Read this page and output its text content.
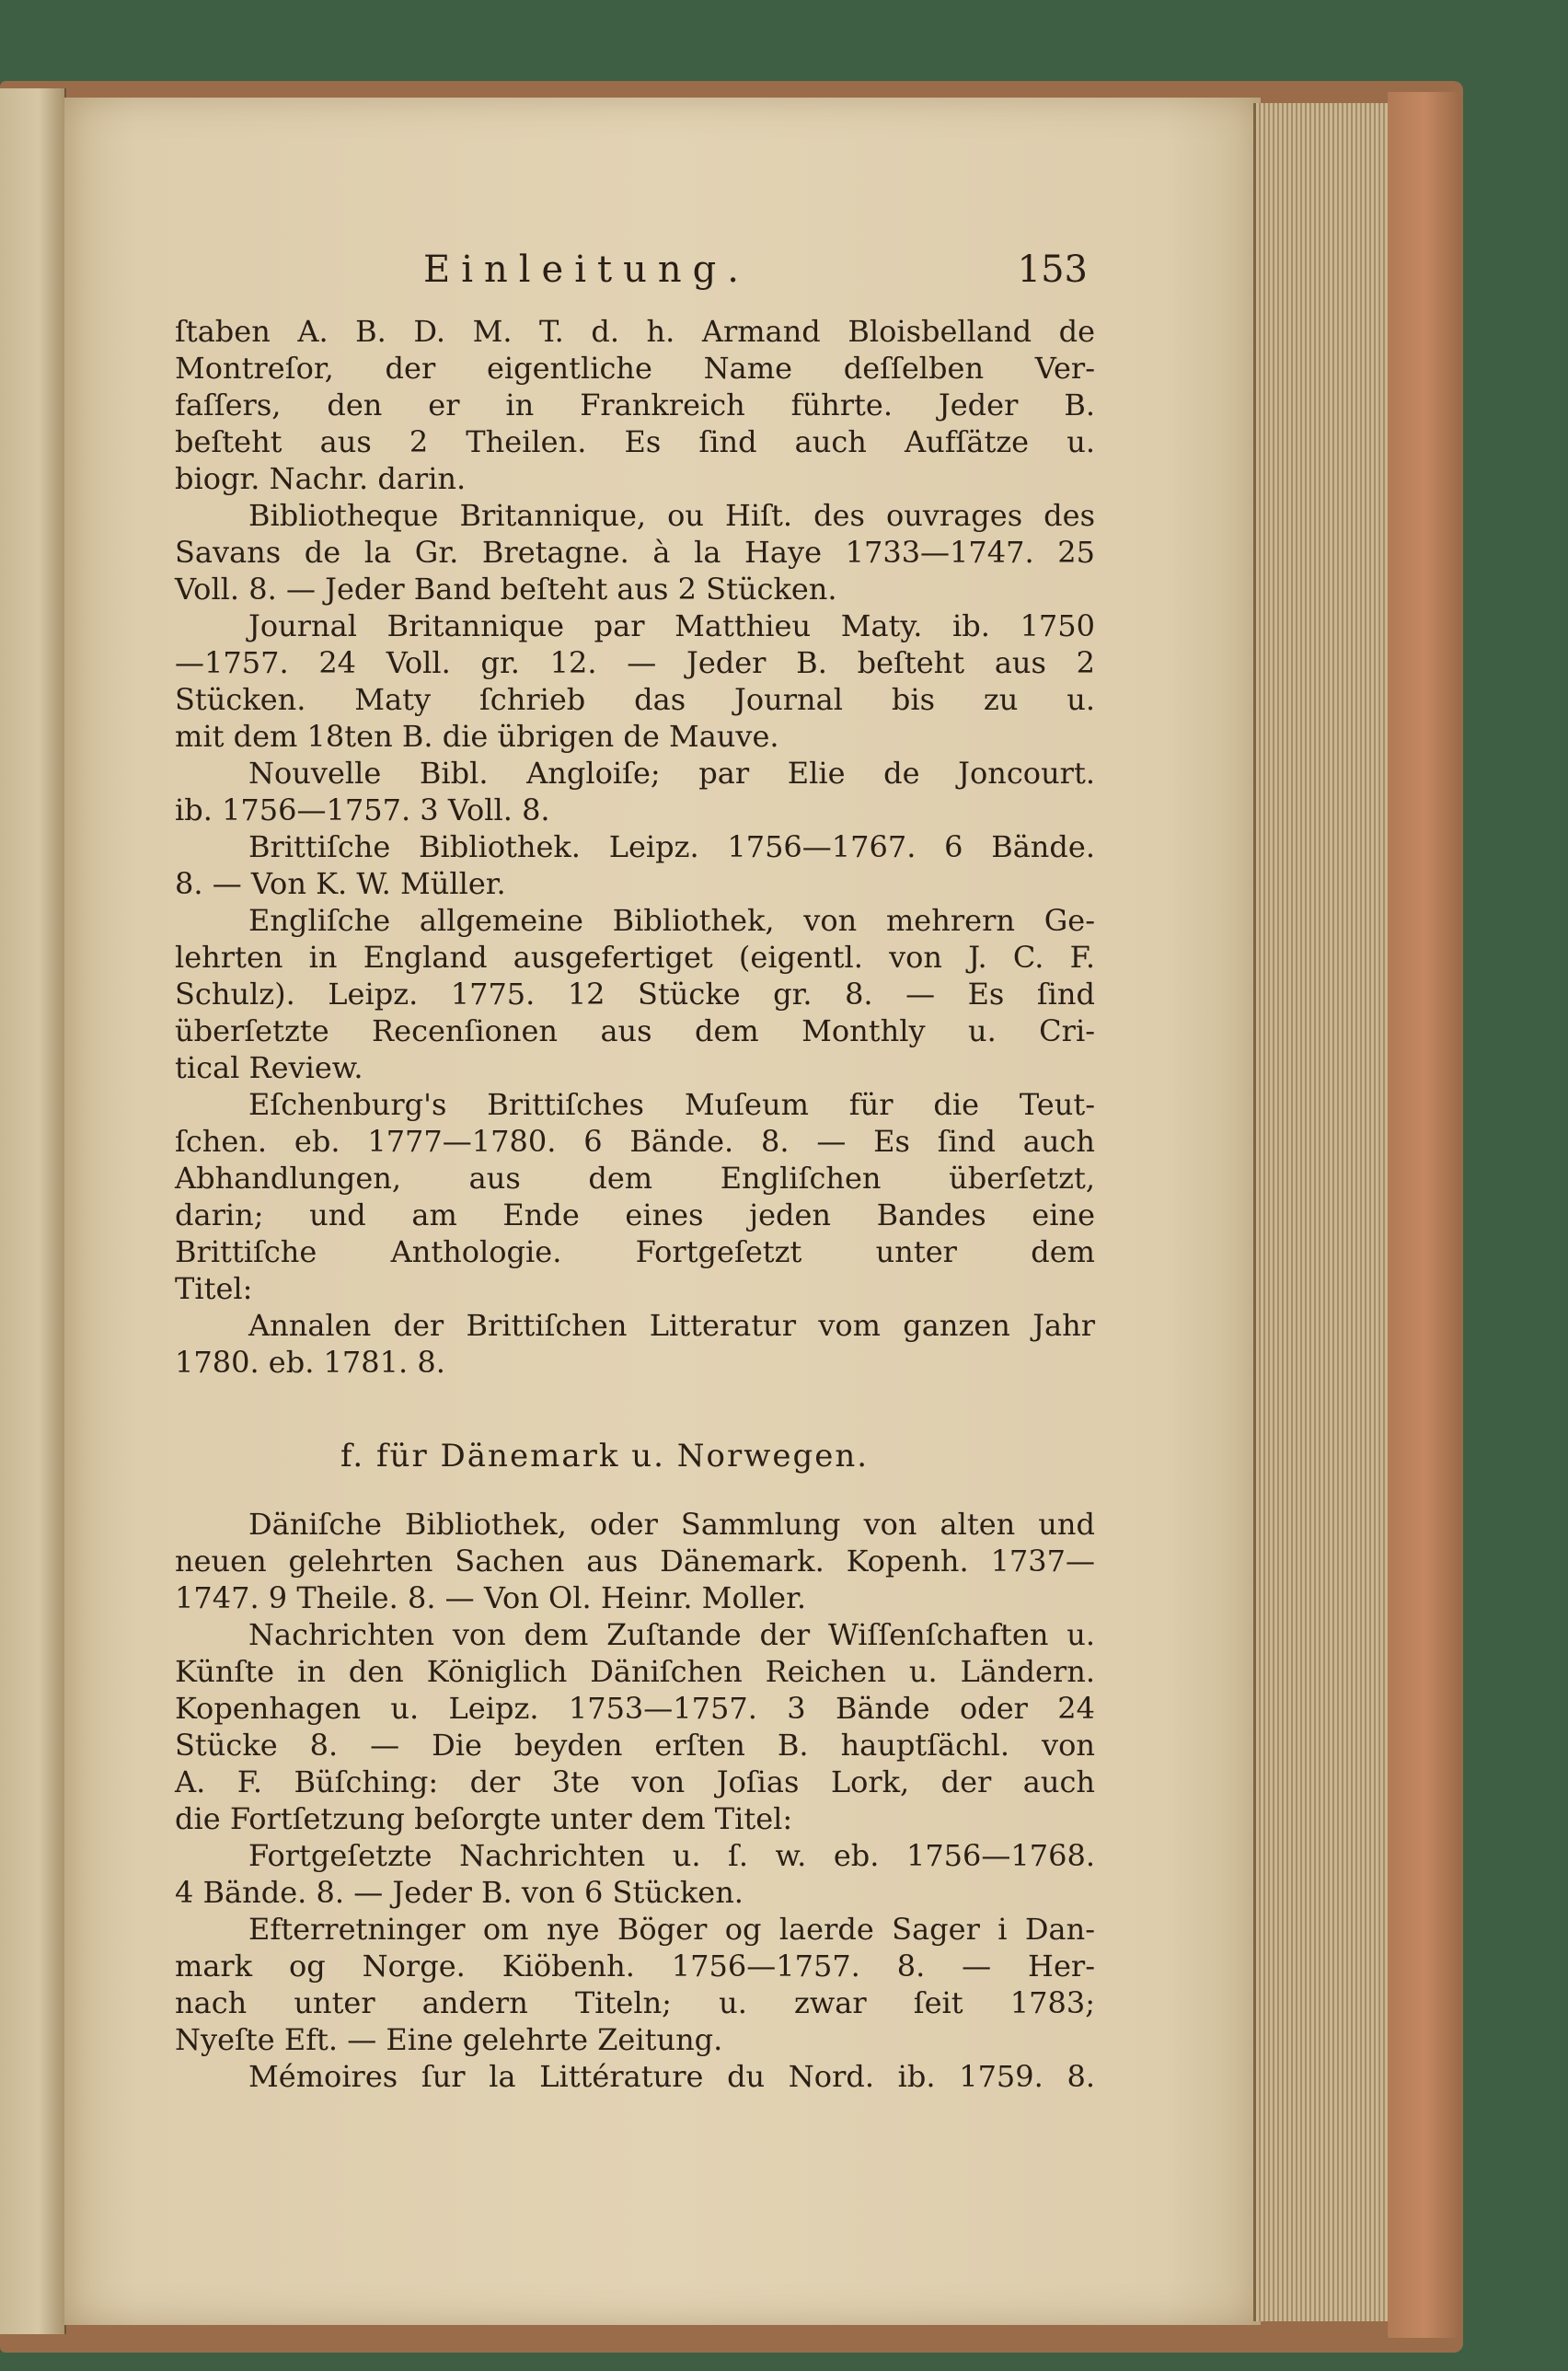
Einleitung.	153
ſtaben A. B. D. M. T. d. h. Armand Bloisbelland de
Montreſor, der eigentliche Name deſſelben Ver-
faſſers, den er in Frankreich führte. Jeder B.
beſteht aus 2 Theilen. Es ſind auch Aufſätze u.
biogr. Nachr. darin.
Bibliotheque Britannique, ou Hiſt. des ouvrages des
Savans de la Gr. Bretagne. à la Haye 1733—1747. 25
Voll. 8. — Jeder Band beſteht aus 2 Stücken.
Journal Britannique par Matthieu Maty. ib. 1750
—1757. 24 Voll. gr. 12. — Jeder B. beſteht aus 2
Stücken. Maty ſchrieb das Journal bis zu u.
mit dem 18ten B. die übrigen de Mauve.
Nouvelle Bibl. Angloiſe; par Elie de Joncourt.
ib. 1756—1757. 3 Voll. 8.
Brittiſche Bibliothek. Leipz. 1756—1767. 6 Bände.
8. — Von K. W. Müller.
Engliſche allgemeine Bibliothek, von mehrern Ge-
lehrten in England ausgefertiget (eigentl. von J. C. F.
Schulz). Leipz. 1775. 12 Stücke gr. 8. — Es ſind
überſetzte Recenſionen aus dem Monthly u. Cri-
tical Review.
Eſchenburg's Brittiſches Muſeum für die Teut-
ſchen. eb. 1777—1780. 6 Bände. 8. — Es ſind auch
Abhandlungen, aus dem Engliſchen überſetzt,
darin; und am Ende eines jeden Bandes eine
Brittiſche Anthologie. Fortgeſetzt unter dem
Titel:
Annalen der Brittiſchen Litteratur vom ganzen Jahr
1780. eb. 1781. 8.
f. für Dänemark u. Norwegen.
Däniſche Bibliothek, oder Sammlung von alten und
neuen gelehrten Sachen aus Dänemark. Kopenh. 1737—
1747. 9 Theile. 8. — Von Ol. Heinr. Moller.
Nachrichten von dem Zuſtande der Wiſſenſchaften u.
Künſte in den Königlich Däniſchen Reichen u. Ländern.
Kopenhagen u. Leipz. 1753—1757. 3 Bände oder 24
Stücke 8. — Die beyden erſten B. hauptſächl. von
A. F. Büſching: der 3te von Joſias Lork, der auch
die Fortſetzung beſorgte unter dem Titel:
Fortgeſetzte Nachrichten u. ſ. w. eb. 1756—1768.
4 Bände. 8. — Jeder B. von 6 Stücken.
Efterretninger om nye Böger og laerde Sager i Dan-
mark og Norge. Kiöbenh. 1756—1757. 8. — Her-
nach unter andern Titeln; u. zwar ſeit 1783;
Nyeſte Eft. — Eine gelehrte Zeitung.
Mémoires ſur la Littérature du Nord. ib. 1759. 8.
